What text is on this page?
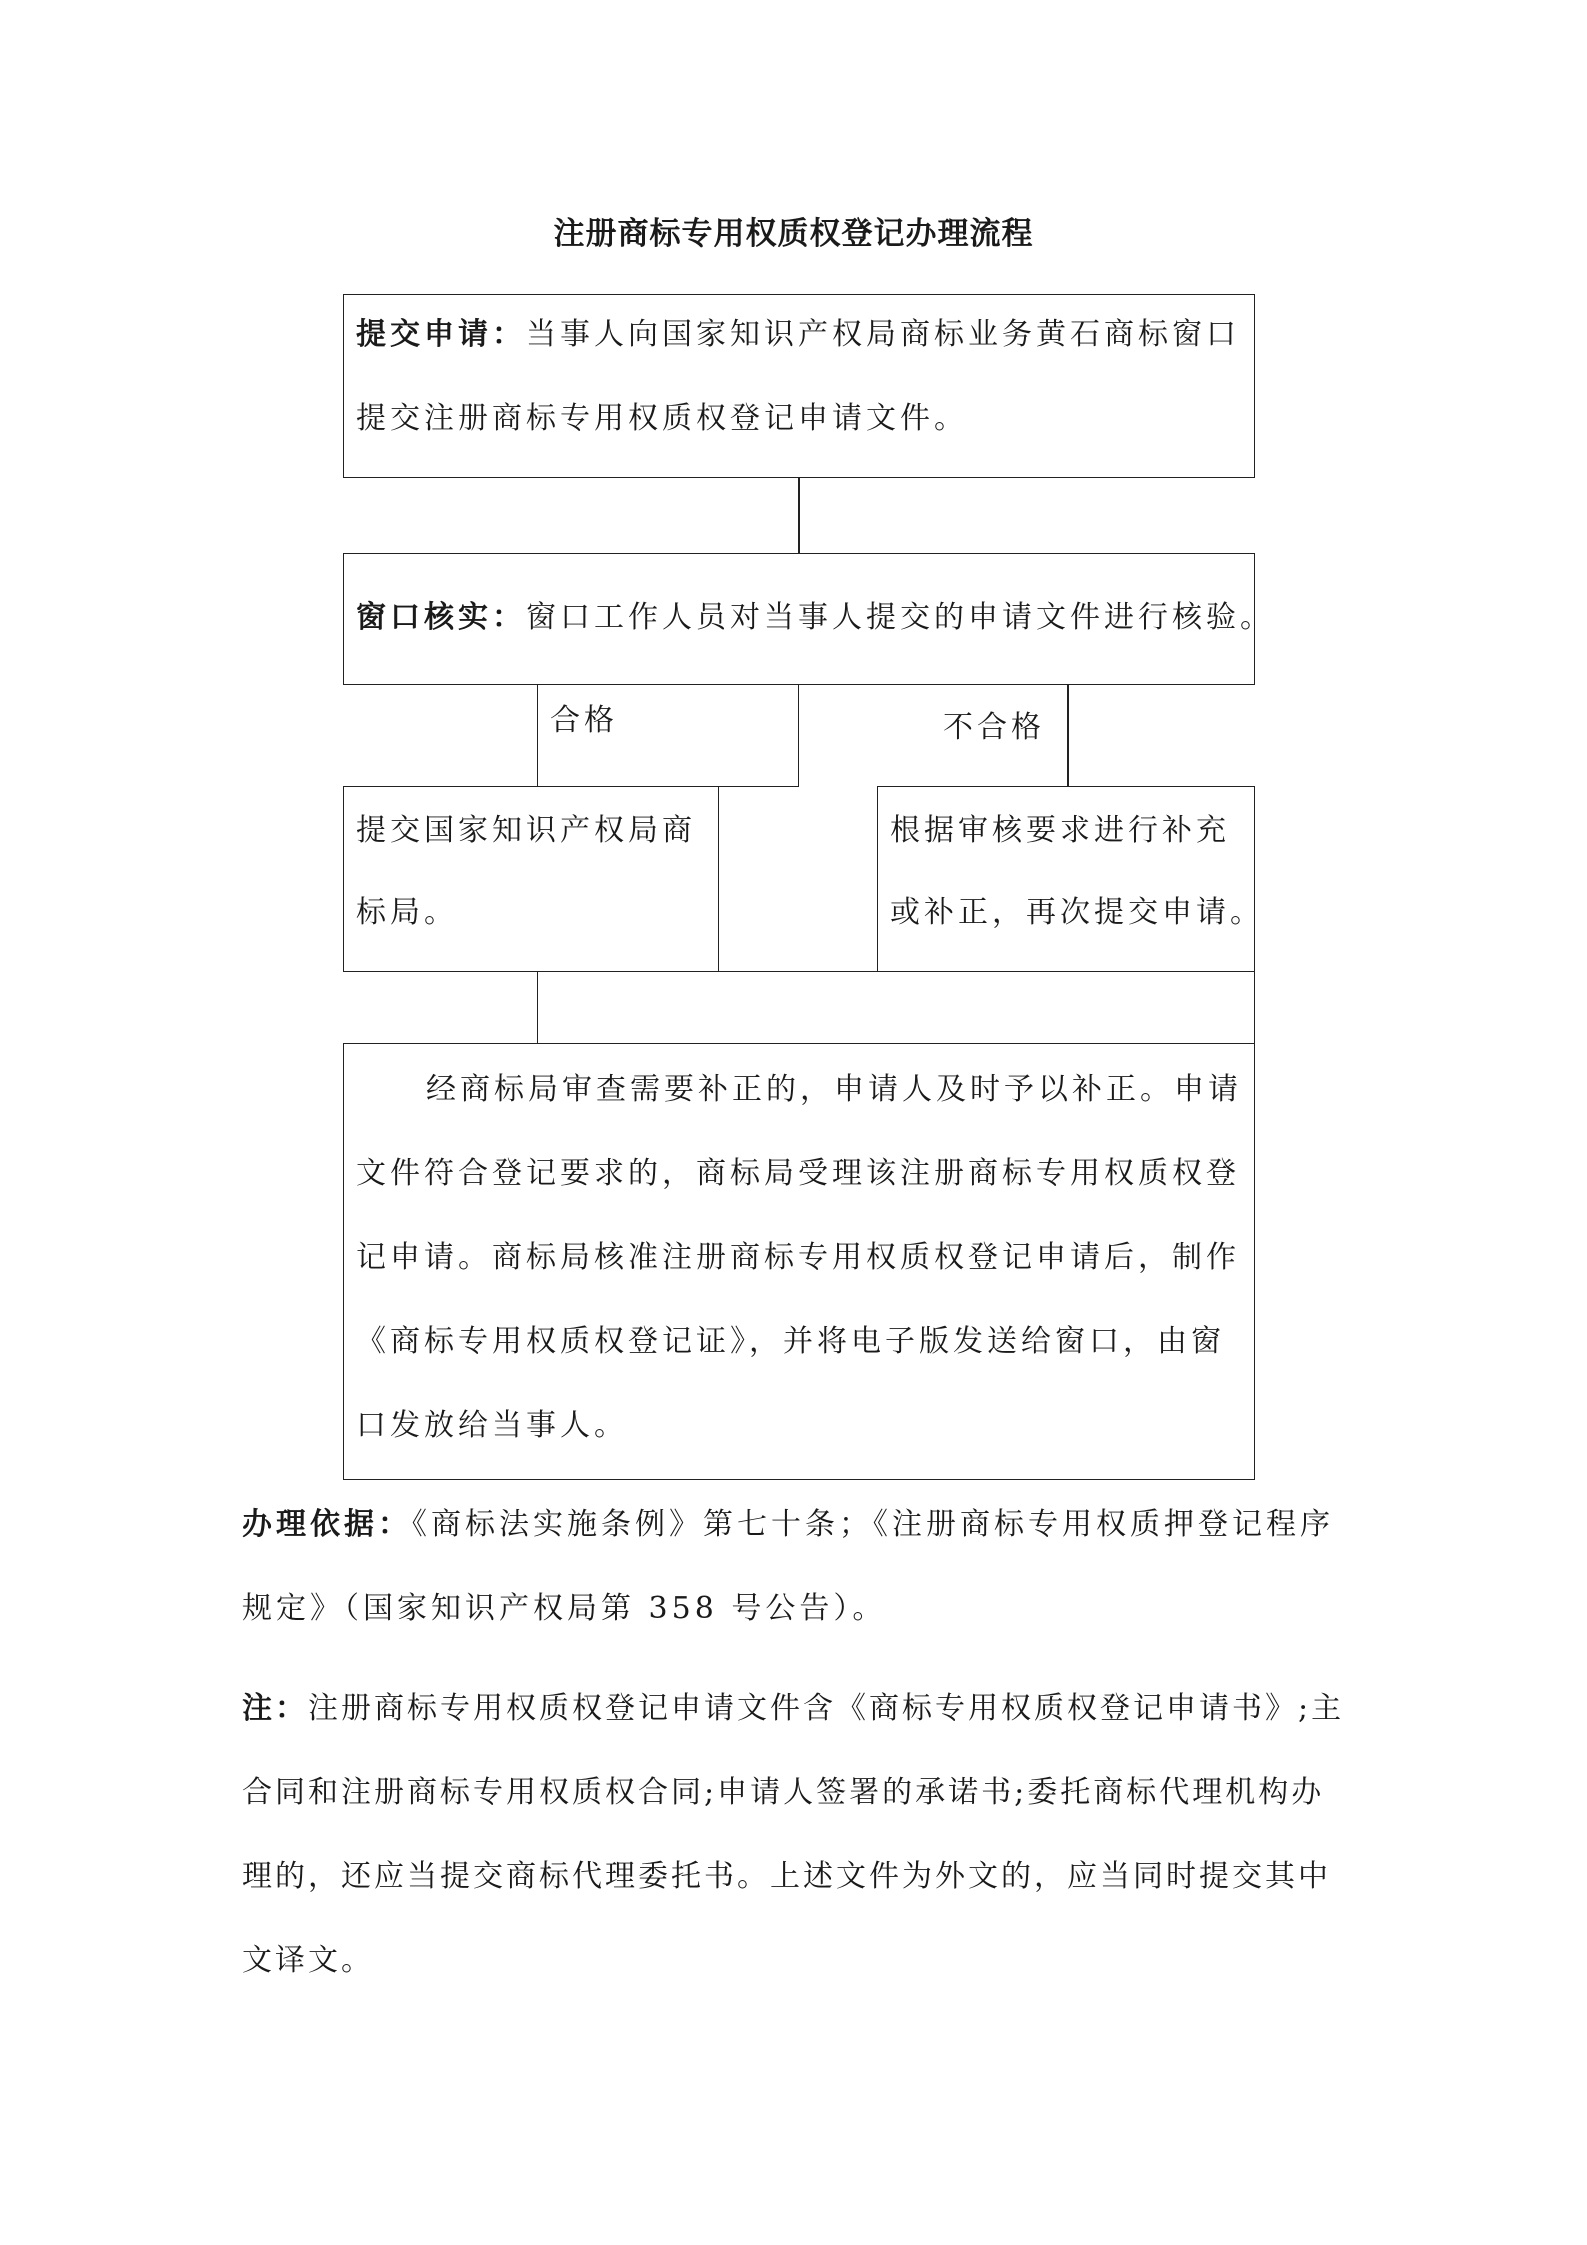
注册商标专用权质权登记办理流程
提交申请：当事人向国家知识产权局商标业务黄石商标窗口
提交注册商标专用权质权登记申请文件。
窗口核实：窗口工作人员对当事人提交的申请文件进行核验。
合格	不合格
提交国家知识产权局商
标局。
根据审核要求进行补充
或补正，再次提交申请。
经商标局审查需要补正的，申请人及时予以补正。申请
文件符合登记要求的，商标局受理该注册商标专用权质权登
记申请。商标局核准注册商标专用权质权登记申请后，制作
《商标专用权质权登记证》，并将电子版发送给窗口，由窗
口发放给当事人。
办理依据：《商标法实施条例》第七十条；《注册商标专用权质押登记程序
规定》（国家知识产权局第 358 号公告）。
注：注册商标专用权质权登记申请文件含《商标专用权质权登记申请书》;主
合同和注册商标专用权质权合同;申请人签署的承诺书;委托商标代理机构办
理的，还应当提交商标代理委托书。上述文件为外文的，应当同时提交其中
文译文。
